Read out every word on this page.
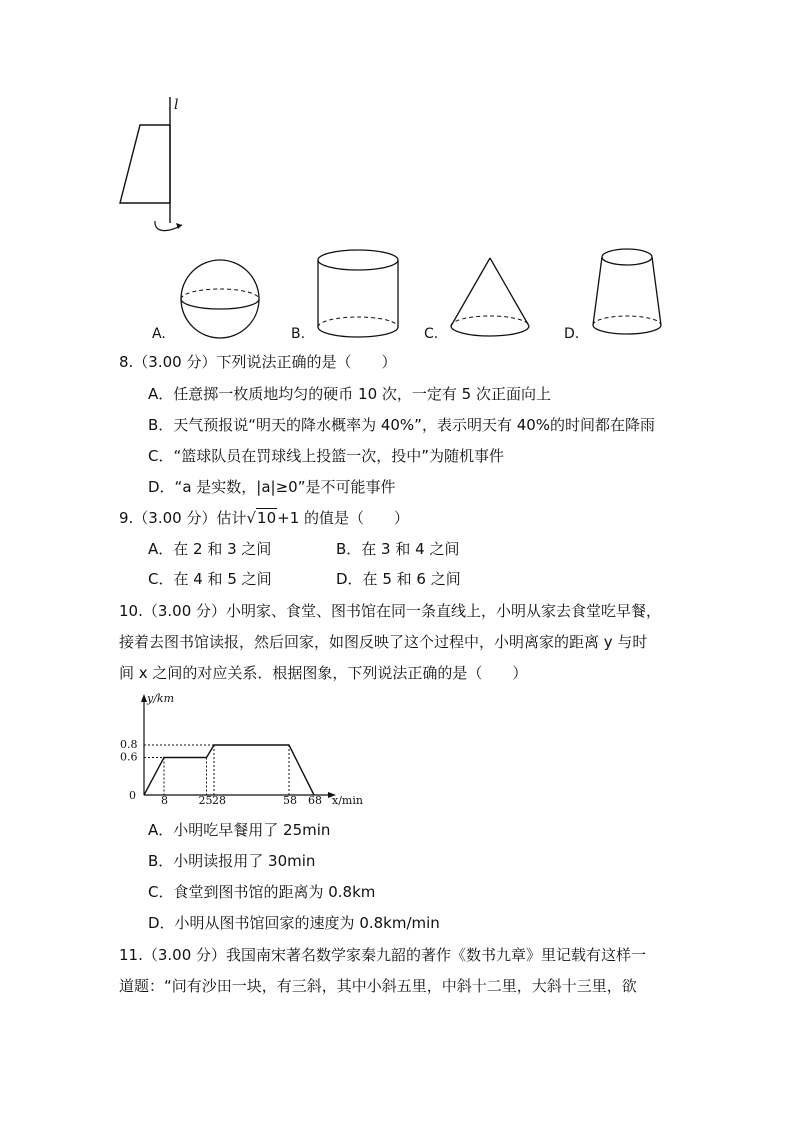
l
A.	B.	C.	D.
8.（3.00 分）下列说法正确的是（　　）
A．任意掷一枚质地均匀的硬币 10 次，一定有 5 次正面向上
B．天气预报说“明天的降水概率为 40%”，表示明天有 40%的时间都在降雨
C．“篮球队员在罚球线上投篮一次，投中”为随机事件
D．“a 是实数，|a|≥0”是不可能事件
9.（3.00 分）估计√10+1 的值是（　　）
A．在 2 和 3 之间	B．在 3 和 4 之间
C．在 4 和 5 之间	D．在 5 和 6 之间
10.（3.00 分）小明家、食堂、图书馆在同一条直线上，小明从家去食堂吃早餐，
接着去图书馆读报，然后回家，如图反映了这个过程中，小明离家的距离 y 与时
间 x 之间的对应关系．根据图象，下列说法正确的是（　　）
y/km
x/min
0 8	25 28	58 68
0.6
0.8
A．小明吃早餐用了 25min
B．小明读报用了 30min
C．食堂到图书馆的距离为 0.8km
D．小明从图书馆回家的速度为 0.8km/min
11.（3.00 分）我国南宋著名数学家秦九韶的著作《数书九章》里记载有这样一
道题：“问有沙田一块，有三斜，其中小斜五里，中斜十二里，大斜十三里，欲
